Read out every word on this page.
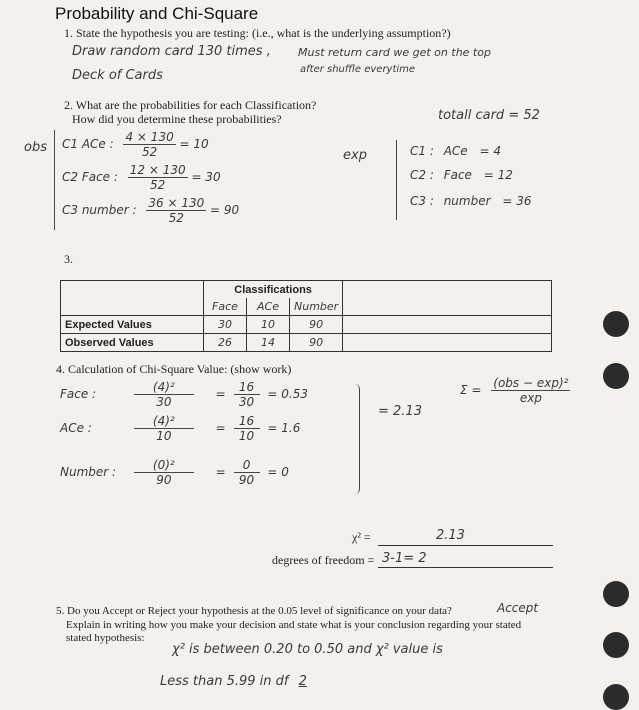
Probability and Chi-Square
1. State the hypothesis you are testing: (i.e., what is the underlying assumption?)
Draw random card 130 times , Must return card we get on the top
Deck of Cards	after shuffle everytime
2. What are the probabilities for each Classification?
How did you determine these probabilities?	totall card = 52
obs C1 ACe : $\frac{4 \times 130}{52} = 10$
C2 Face : $\frac{12 \times 130}{52} = 30$
C3 number : $\frac{36 \times 130}{52} = 90$
exp	C1 : ACe = 4
C2 : Face = 12
C3 : number = 36
3.
	Classifications			
	Face	ACe	Number	
Expected Values	30	10	90	
Observed Values	26	14	90	
4. Calculation of Chi-Square Value: (show work)
Face :	$\frac{\text{(4)²}}{30} = \frac{16}{30} = 0.53$
ACe :	$\frac{\text{(4)²}}{10} = \frac{16}{10} = 1.6$
Number : $\frac{\text{(0)²}}{90} = \frac{0}{90} = 0$
= 2.13
$\Sigma = \frac{\text{(obs − exp)²}}{\exp}$
χ² =	2.13
degrees of freedom = 3-1= 2
5. Do you Accept or Reject your hypothesis at the 0.05 level of significance on your data?	Accept
Explain in writing how you make your decision and state what is your conclusion regarding your stated
stated hypothesis:
χ² is between 0.20 to 0.50 and χ² value is
Less than 5.99 in df 2
